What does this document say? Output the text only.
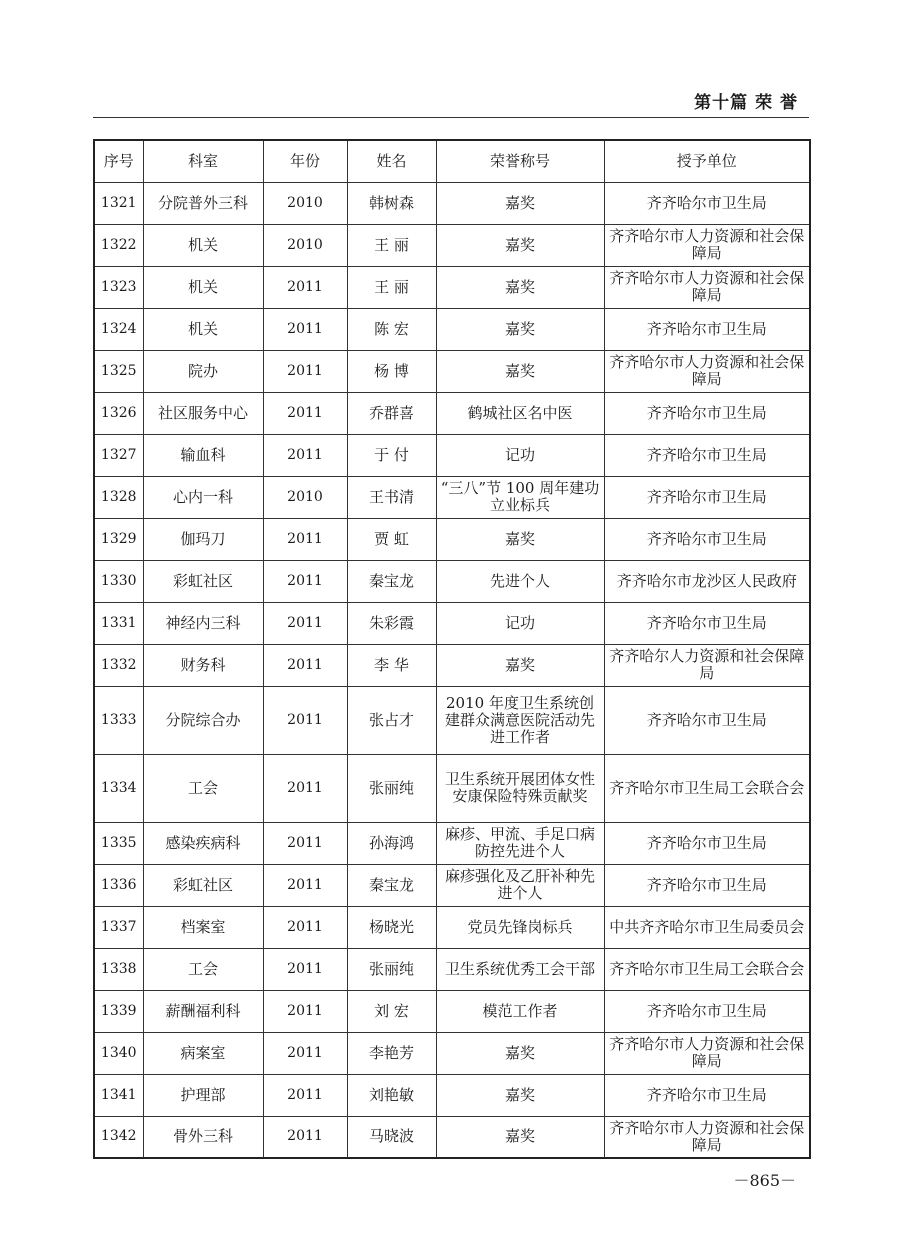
第十篇 荣 誉
序号	科室	年份	姓名	荣誉称号	授予单位
1321	分院普外三科	2010	韩树森	嘉奖	齐齐哈尔市卫生局
1322	机关	2010	王 丽	嘉奖	齐齐哈尔市人力资源和社会保障局
1323	机关	2011	王 丽	嘉奖	齐齐哈尔市人力资源和社会保障局
1324	机关	2011	陈 宏	嘉奖	齐齐哈尔市卫生局
1325	院办	2011	杨 博	嘉奖	齐齐哈尔市人力资源和社会保障局
1326	社区服务中心	2011	乔群喜	鹤城社区名中医	齐齐哈尔市卫生局
1327	输血科	2011	于 付	记功	齐齐哈尔市卫生局
1328	心内一科	2010	王书清	“三八”节 100 周年建功立业标兵	齐齐哈尔市卫生局
1329	伽玛刀	2011	贾 虹	嘉奖	齐齐哈尔市卫生局
1330	彩虹社区	2011	秦宝龙	先进个人	齐齐哈尔市龙沙区人民政府
1331	神经内三科	2011	朱彩霞	记功	齐齐哈尔市卫生局
1332	财务科	2011	李 华	嘉奖	齐齐哈尔人力资源和社会保障局
1333	分院综合办	2011	张占才	2010 年度卫生系统创建群众满意医院活动先进工作者	齐齐哈尔市卫生局
1334	工会	2011	张丽纯	卫生系统开展团体女性安康保险特殊贡献奖	齐齐哈尔市卫生局工会联合会
1335	感染疾病科	2011	孙海鸿	麻疹、甲流、手足口病防控先进个人	齐齐哈尔市卫生局
1336	彩虹社区	2011	秦宝龙	麻疹强化及乙肝补种先进个人	齐齐哈尔市卫生局
1337	档案室	2011	杨晓光	党员先锋岗标兵	中共齐齐哈尔市卫生局委员会
1338	工会	2011	张丽纯	卫生系统优秀工会干部	齐齐哈尔市卫生局工会联合会
1339	薪酬福利科	2011	刘 宏	模范工作者	齐齐哈尔市卫生局
1340	病案室	2011	李艳芳	嘉奖	齐齐哈尔市人力资源和社会保障局
1341	护理部	2011	刘艳敏	嘉奖	齐齐哈尔市卫生局
1342	骨外三科	2011	马晓波	嘉奖	齐齐哈尔市人力资源和社会保障局
－865－
